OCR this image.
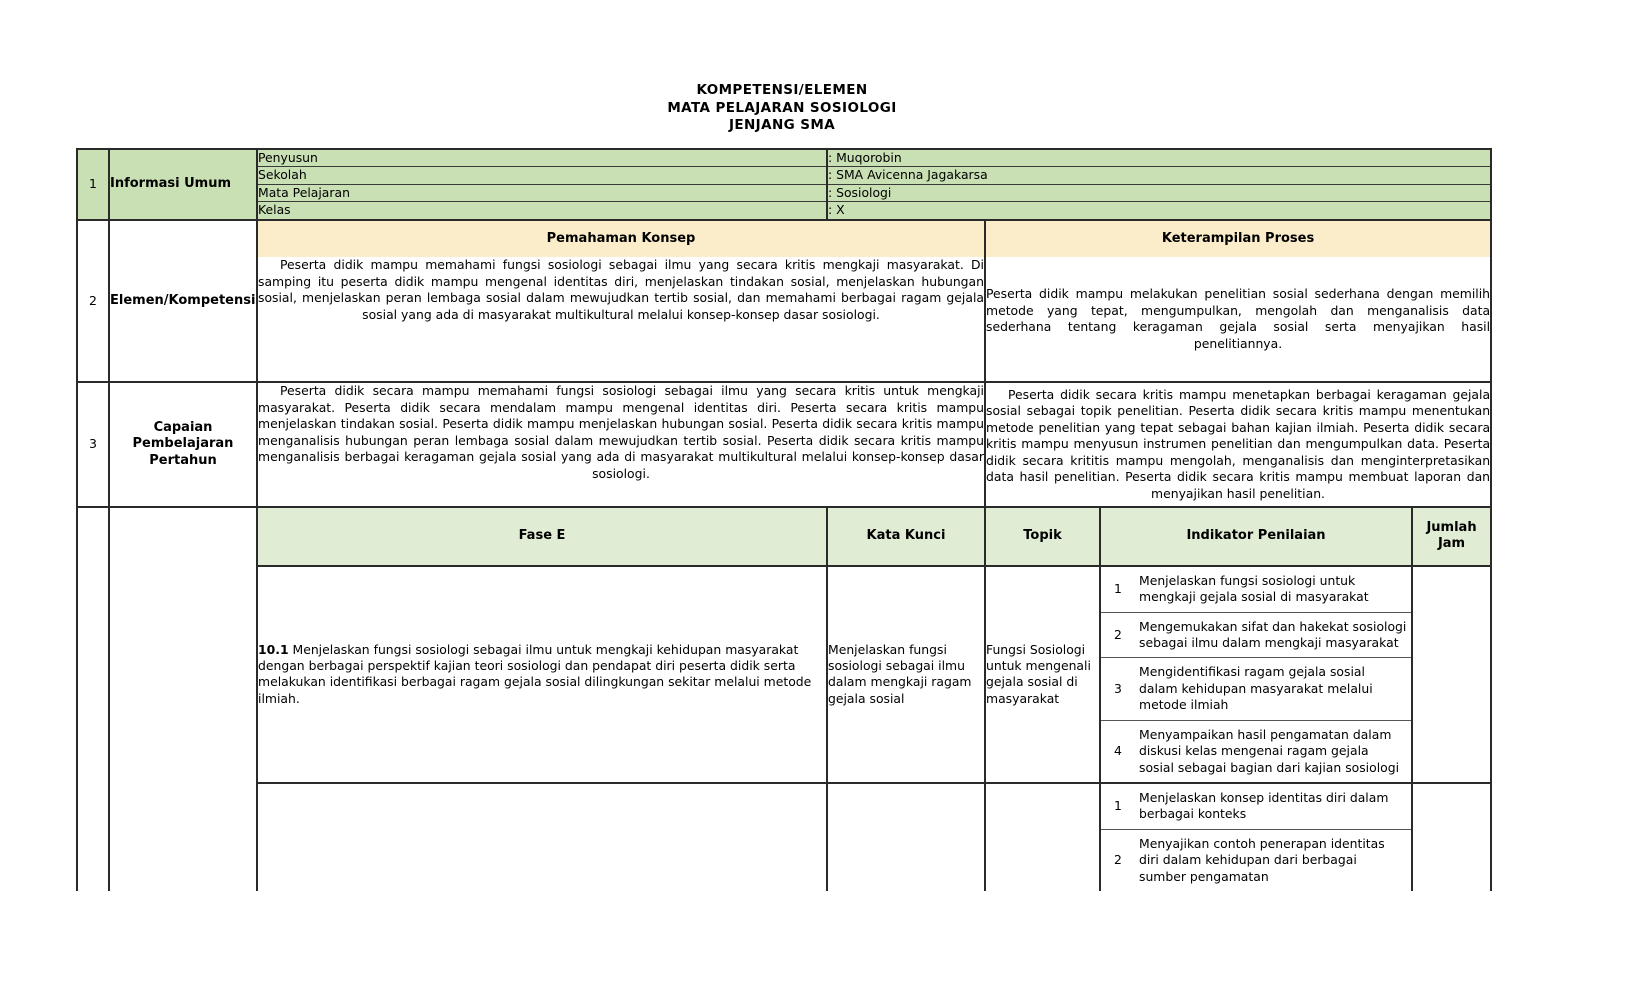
KOMPETENSI/ELEMEN
MATA PELAJARAN SOSIOLOGI
JENJANG SMA
1	Informasi Umum	Penyusun	: Muqorobin
Sekolah	: SMA Avicenna Jagakarsa
Mata Pelajaran	: Sosiologi
Kelas	: X
2	Elemen/Kompetensi	Pemahaman Konsep	Keterampilan Proses
Peserta didik mampu memahami fungsi sosiologi sebagai ilmu yang secara kritis mengkaji masyarakat. Di samping itu peserta didik mampu mengenal identitas diri, menjelaskan tindakan sosial, menjelaskan hubungan sosial, menjelaskan peran lembaga sosial dalam mewujudkan tertib sosial, dan memahami berbagai ragam gejala sosial yang ada di masyarakat multikultural melalui konsep-konsep dasar sosiologi.	Peserta didik mampu melakukan penelitian sosial sederhana dengan memilih metode yang tepat, mengumpulkan, mengolah dan menganalisis data sederhana tentang keragaman gejala sosial serta menyajikan hasil penelitiannya.
3	Capaian Pembelajaran Pertahun	Peserta didik secara mampu memahami fungsi sosiologi sebagai ilmu yang secara kritis untuk mengkaji masyarakat. Peserta didik secara mendalam mampu mengenal identitas diri. Peserta secara kritis mampu menjelaskan tindakan sosial. Peserta didik mampu menjelaskan hubungan sosial. Peserta didik secara kritis mampu menganalisis hubungan peran lembaga sosial dalam mewujudkan tertib sosial. Peserta didik secara kritis mampu menganalisis berbagai keragaman gejala sosial yang ada di masyarakat multikultural melalui konsep-konsep dasar sosiologi.	Peserta didik secara kritis mampu menetapkan berbagai keragaman gejala sosial sebagai topik penelitian. Peserta didik secara kritis mampu menentukan metode penelitian yang tepat sebagai bahan kajian ilmiah. Peserta didik secara kritis mampu menyusun instrumen penelitian dan mengumpulkan data. Peserta didik secara krititis mampu mengolah, menganalisis dan menginterpretasikan data hasil penelitian. Peserta didik secara kritis mampu membuat laporan dan menyajikan hasil penelitian.
		Fase E	Kata Kunci	Topik	Indikator Penilaian	
Jumlah
Jam

10.1 Menjelaskan fungsi sosiologi sebagai ilmu untuk mengkaji kehidupan masyarakat dengan berbagai perspektif kajian teori sosiologi dan pendapat diri peserta didik serta melakukan identifikasi berbagai ragam gejala sosial dilingkungan sekitar melalui metode ilmiah.	Menjelaskan fungsi sosiologi sebagai ilmu dalam mengkaji ragam gejala sosial	Fungsi Sosiologi untuk mengenali gejala sosial di masyarakat	
1	Menjelaskan fungsi sosiologi untuk mengkaji gejala sosial di masyarakat
2	Mengemukakan sifat dan hakekat sosiologi sebagai ilmu dalam mengkaji masyarakat
3	Mengidentifikasi ragam gejala sosial dalam kehidupan masyarakat melalui metode ilmiah
4	Menyampaikan hasil pengamatan dalam diskusi kelas mengenai ragam gejala sosial sebagai bagian dari kajian sosiologi

1	Menjelaskan konsep identitas diri dalam berbagai konteks
2	Menyajikan contoh penerapan identitas diri dalam kehidupan dari berbagai sumber pengamatan
